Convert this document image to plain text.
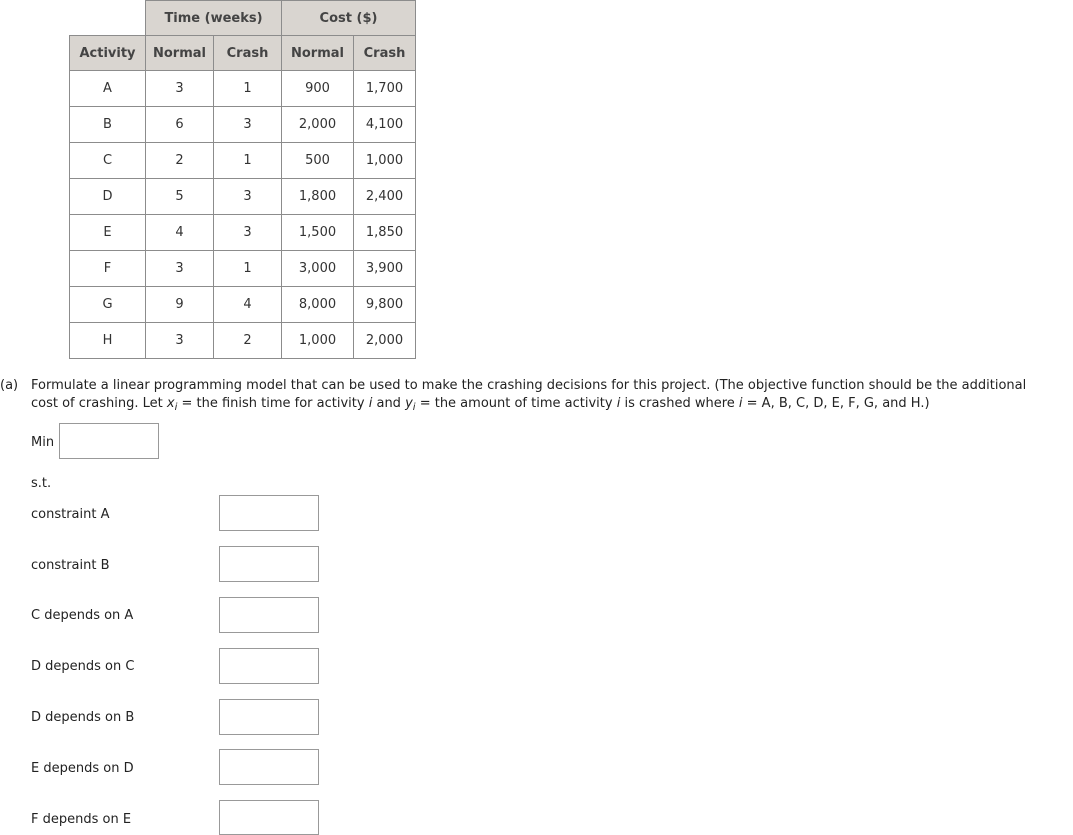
	Time (weeks)		Cost ($)	
Activity	Normal	Crash	Normal	Crash
A	3	1	900	1,700
B	6	3	2,000	4,100
C	2	1	500	1,000
D	5	3	1,800	2,400
E	4	3	1,500	1,850
F	3	1	3,000	3,900
G	9	4	8,000	9,800
H	3	2	1,000	2,000
(a) Formulate a linear programming model that can be used to make the crashing decisions for this project. (The objective function should be the additional cost of crashing. Let $x_i$ = the finish time for activity i and $y_i$ = the amount of time activity i is crashed where i = A, B, C, D, E, F, G, and H.)
Min
s.t.
constraint A
constraint B
C depends on A
D depends on C
D depends on B
E depends on D
F depends on E
